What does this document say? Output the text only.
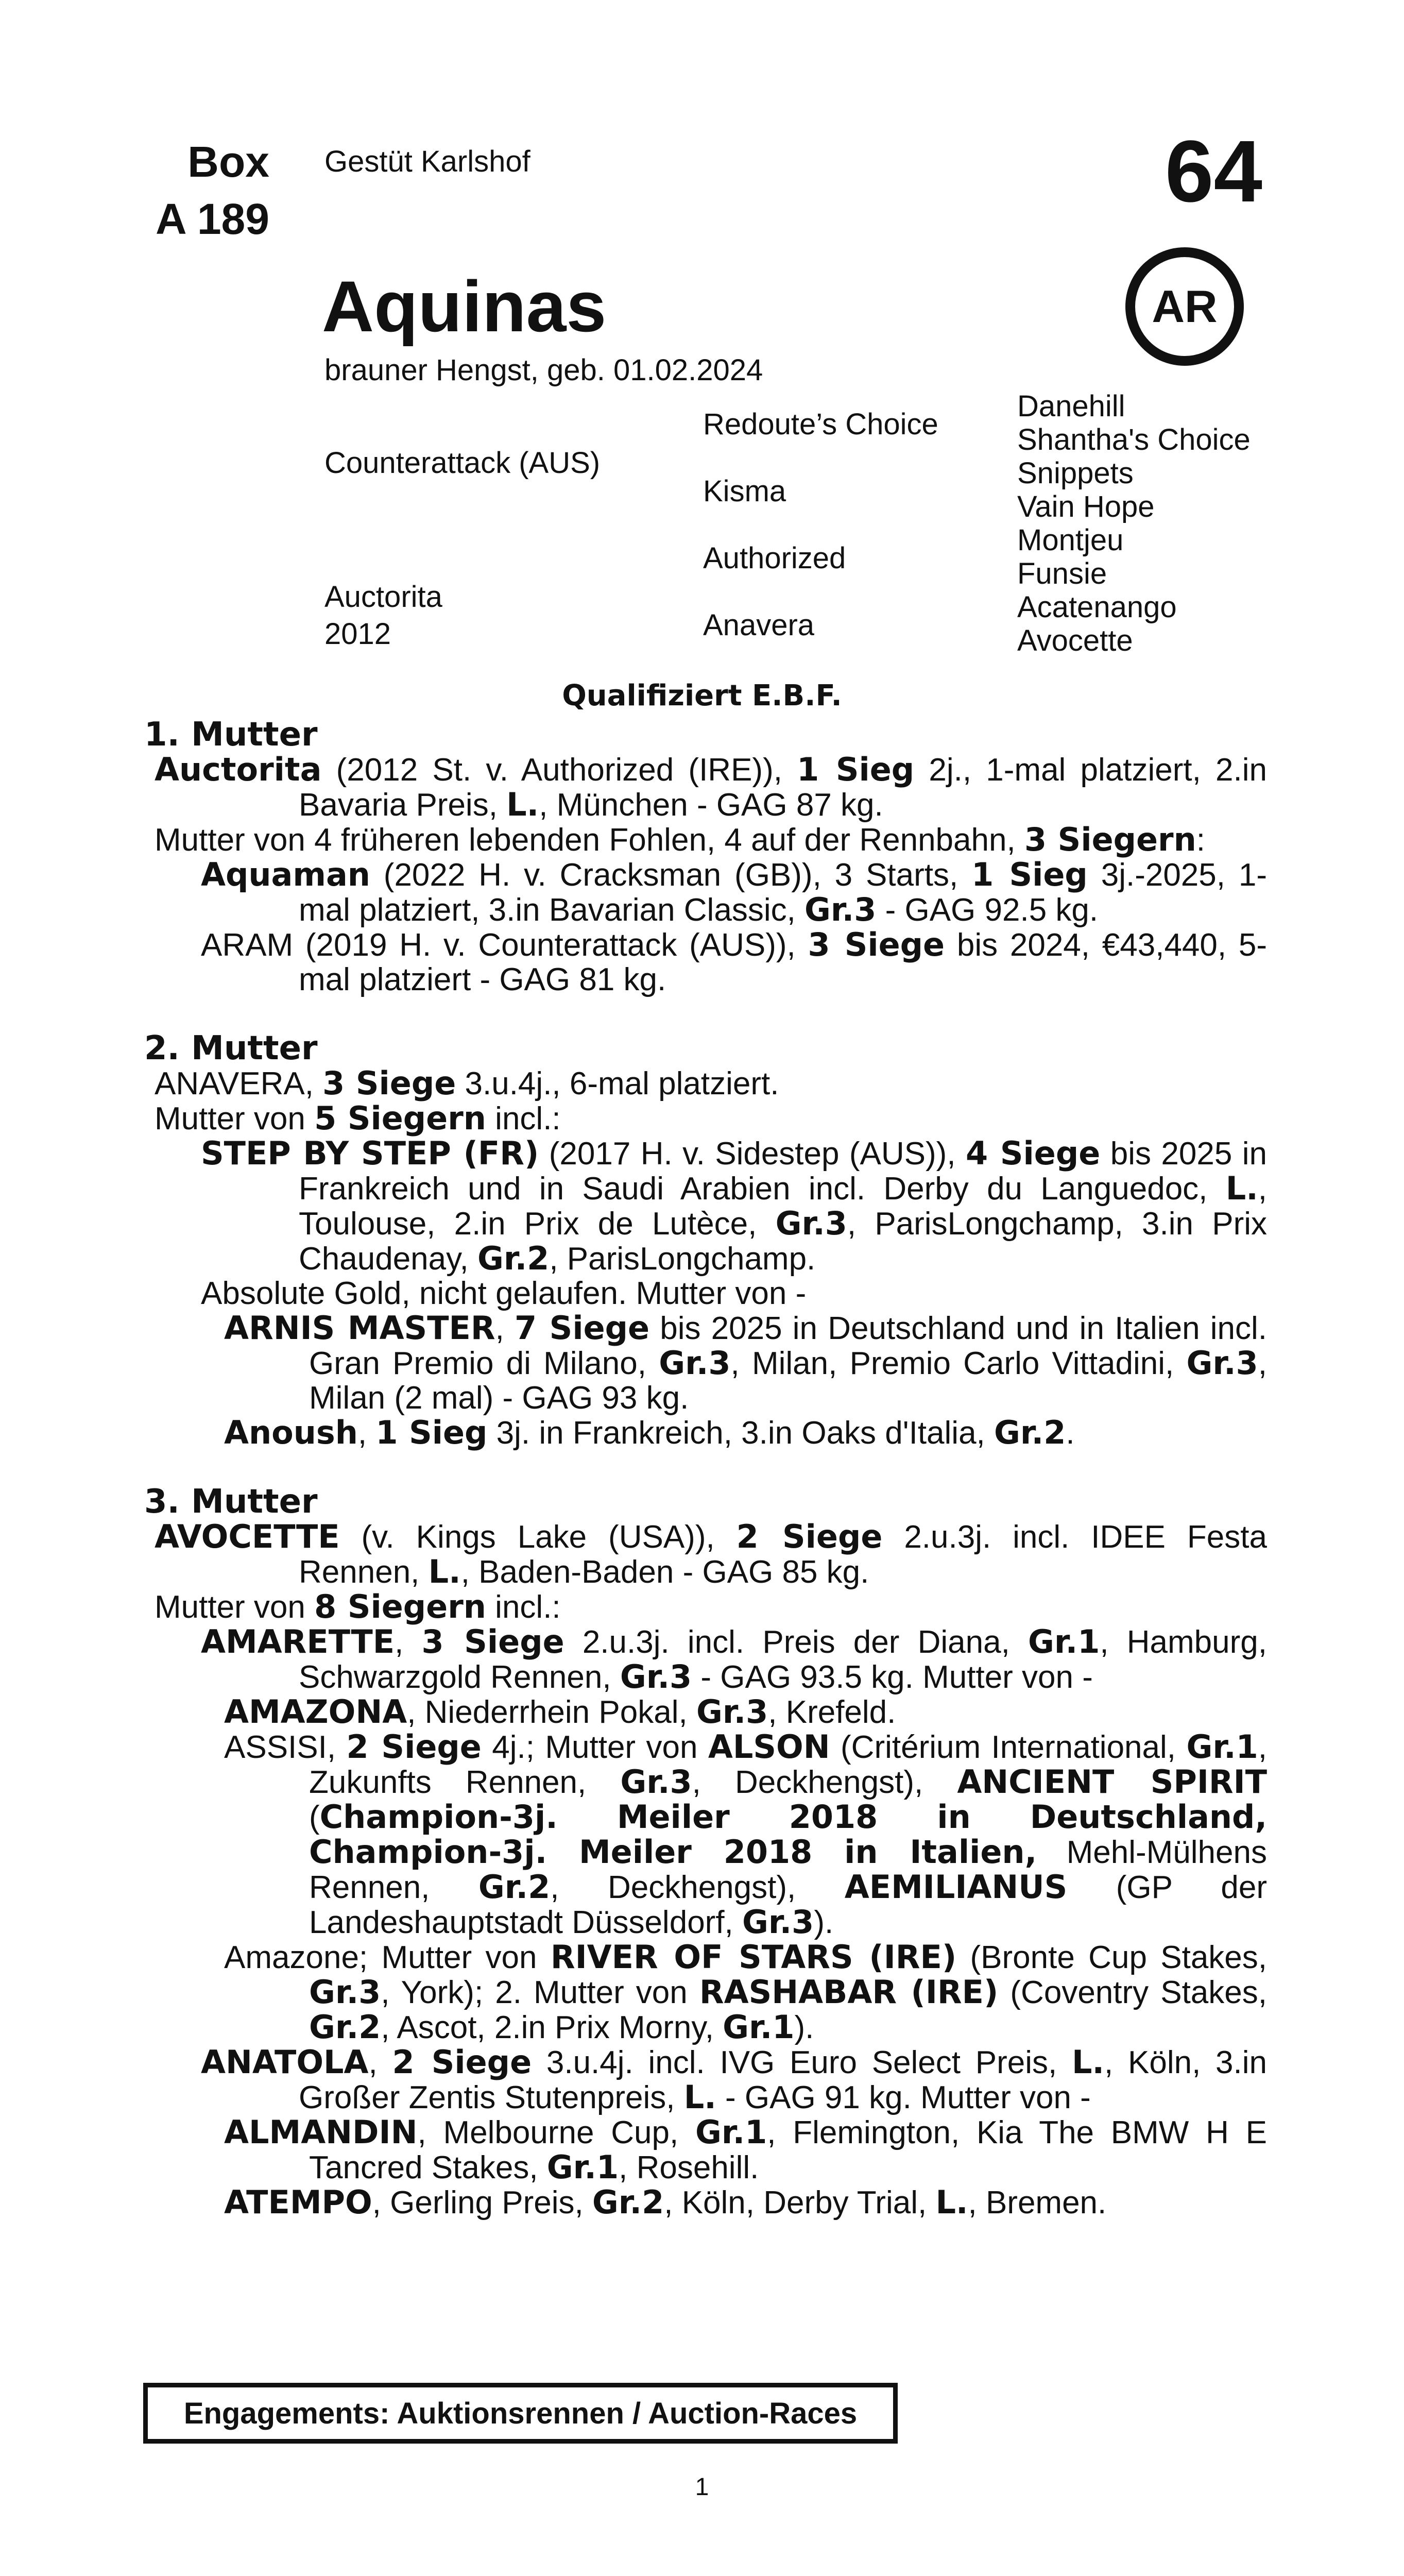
Box
A 189
Gestüt Karlshof	64
AR
Aquinas
brauner Hengst, geb. 01.02.2024
Counterattack (AUS)
Auctorita
2012
Redoute’s Choice
Kisma
Authorized
Anavera
Danehill
Shantha's Choice
Snippets
Vain Hope
Montjeu
Funsie
Acatenango
Avocette
Qualifiziert E.B.F.
1. Mutter
Auctorita (2012 St. v. Authorized (IRE)), 1 Sieg 2j., 1-mal platziert, 2.in Bavaria Preis, L., München - GAG 87 kg.
Mutter von 4 früheren lebenden Fohlen, 4 auf der Rennbahn, 3 Siegern:
Aquaman (2022 H. v. Cracksman (GB)), 3 Starts, 1 Sieg 3j.-2025, 1-mal platziert, 3.in Bavarian Classic, Gr.3 - GAG 92.5 kg.
ARAM (2019 H. v. Counterattack (AUS)), 3 Siege bis 2024, €43,440, 5-mal platziert - GAG 81 kg.
2. Mutter
ANAVERA, 3 Siege 3.u.4j., 6-mal platziert.
Mutter von 5 Siegern incl.:
STEP BY STEP (FR) (2017 H. v. Sidestep (AUS)), 4 Siege bis 2025 in Frankreich und in Saudi Arabien incl. Derby du Languedoc, L., Toulouse, 2.in Prix de Lutèce, Gr.3, ParisLongchamp, 3.in Prix Chaudenay, Gr.2, ParisLongchamp.
Absolute Gold, nicht gelaufen. Mutter von -
ARNIS MASTER, 7 Siege bis 2025 in Deutschland und in Italien incl. Gran Premio di Milano, Gr.3, Milan, Premio Carlo Vittadini, Gr.3, Milan (2 mal) - GAG 93 kg.
Anoush, 1 Sieg 3j. in Frankreich, 3.in Oaks d'Italia, Gr.2.
3. Mutter
AVOCETTE (v. Kings Lake (USA)), 2 Siege 2.u.3j. incl. IDEE Festa Rennen, L., Baden-Baden - GAG 85 kg.
Mutter von 8 Siegern incl.:
AMARETTE, 3 Siege 2.u.3j. incl. Preis der Diana, Gr.1, Hamburg, Schwarzgold Rennen, Gr.3 - GAG 93.5 kg. Mutter von -
AMAZONA, Niederrhein Pokal, Gr.3, Krefeld.
ASSISI, 2 Siege 4j.; Mutter von ALSON (Critérium International, Gr.1, Zukunfts Rennen, Gr.3, Deckhengst), ANCIENT SPIRIT (Champion-3j. Meiler 2018 in Deutschland, Champion-3j. Meiler 2018 in Italien, Mehl-Mülhens Rennen, Gr.2, Deckhengst), AEMILIANUS (GP der Landeshauptstadt Düsseldorf, Gr.3).
Amazone; Mutter von RIVER OF STARS (IRE) (Bronte Cup Stakes, Gr.3, York); 2. Mutter von RASHABAR (IRE) (Coventry Stakes, Gr.2, Ascot, 2.in Prix Morny, Gr.1).
ANATOLA, 2 Siege 3.u.4j. incl. IVG Euro Select Preis, L., Köln, 3.in Großer Zentis Stutenpreis, L. - GAG 91 kg. Mutter von -
ALMANDIN, Melbourne Cup, Gr.1, Flemington, Kia The BMW H E Tancred Stakes, Gr.1, Rosehill.
ATEMPO, Gerling Preis, Gr.2, Köln, Derby Trial, L., Bremen.
Engagements: Auktionsrennen / Auction-Races
1
